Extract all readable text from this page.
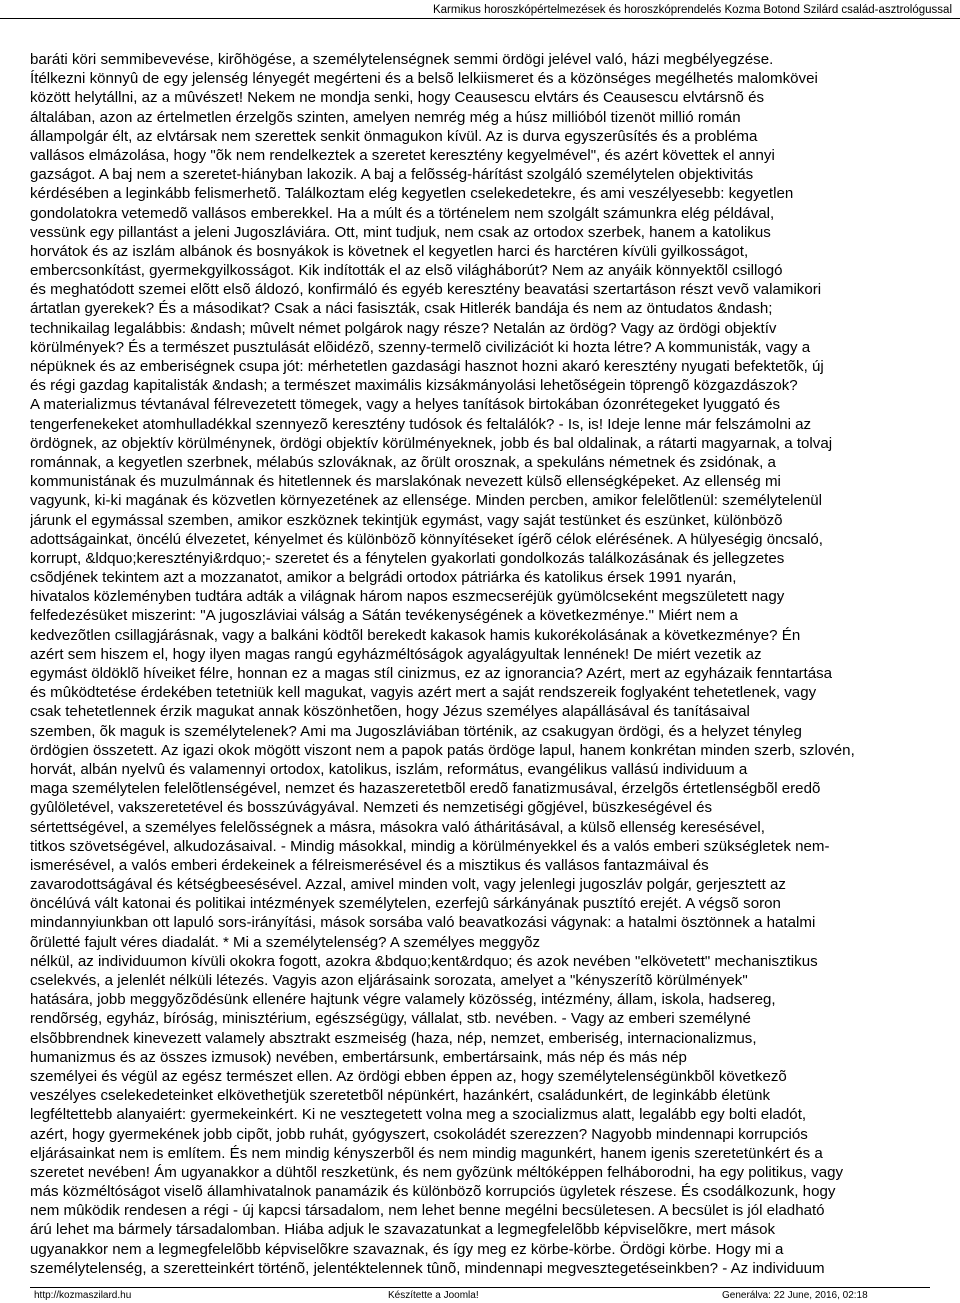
Karmikus horoszkópértelmezések és horoszkóprendelés Kozma Botond Szilárd család-asztrológussal
baráti köri semmibevevése, kirõhögése, a személytelenségnek semmi ördögi jelével való, házi megbélyegzése.
Ítélkezni könnyû de egy jelenség lényegét megérteni és a belsõ lelkiismeret és a közönséges megélhetés malomkövei
között helytállni, az a mûvészet! Nekem ne mondja senki, hogy Ceausescu elvtárs és Ceausescu elvtársnõ és
általában, azon az értelmetlen érzelgõs szinten, amelyen nemrég még a húsz millióból tizenöt millió román
állampolgár élt, az elvtársak nem szerettek senkit önmagukon kívül. Az is durva egyszerûsítés és a probléma
vallásos elmázolása, hogy "õk nem rendelkeztek a szeretet keresztény kegyelmével", és azért követtek el annyi
gazságot. A baj nem a szeretet-hiányban lakozik. A baj a felõsség-hárítást szolgáló személytelen objektivitás
kérdésében a leginkább felismerhetõ. Találkoztam elég kegyetlen cselekedetekre, és ami veszélyesebb: kegyetlen
gondolatokra vetemedõ vallásos emberekkel. Ha a múlt és a történelem nem szolgált számunkra elég példával,
vessünk egy pillantást a jeleni Jugoszláviára. Ott, mint tudjuk, nem csak az ortodox szerbek, hanem a katolikus
horvátok és az iszlám albánok és bosnyákok is követnek el kegyetlen harci és harctéren kívüli gyilkosságot,
embercsonkítást, gyermekgyilkosságot. Kik indították el az elsõ világháborút? Nem az anyáik könnyektõl csillogó
és meghatódott szemei elõtt elsõ áldozó, konfirmáló és egyéb keresztény beavatási szertartáson részt vevõ valamikori
ártatlan gyerekek? És a másodikat? Csak a náci fasiszták, csak Hitlerék bandája és nem az öntudatos &ndash;
technikailag legalábbis: &ndash; mûvelt német polgárok nagy része? Netalán az ördög? Vagy az ördögi objektív
körülmények? És a természet pusztulását elõidézõ, szenny-termelõ civilizációt ki hozta létre? A kommunisták, vagy a
népüknek és az emberiségnek csupa jót: mérhetetlen gazdasági hasznot hozni akaró keresztény nyugati befektetõk, új
és régi gazdag kapitalisták &ndash; a természet maximális kizsákmányolási lehetõségein töprengõ közgazdászok?
A materializmus tévtanával félrevezetett tömegek, vagy a helyes tanítások birtokában ózonrétegeket lyuggató és
tengerfenekeket atomhulladékkal szennyezõ keresztény tudósok és feltalálók? - Is, is! Ideje lenne már felszámolni az
ördögnek, az objektív körülménynek, ördögi objektív körülményeknek, jobb és bal oldalinak, a rátarti magyarnak, a tolvaj
románnak, a kegyetlen szerbnek, mélabús szlováknak, az õrült orosznak, a spekuláns németnek és zsidónak, a
kommunistának és muzulmánnak és hitetlennek és marslakónak nevezett külsõ ellenségképeket. Az ellenség mi
vagyunk, ki-ki magának és közvetlen környezetének az ellensége. Minden percben, amikor felelõtlenül: személytelenül
járunk el egymással szemben, amikor eszköznek tekintjük egymást, vagy saját testünket és eszünket, különbözõ
adottságainkat, öncélú élvezetet, kényelmet és különbözõ könnyítéseket ígérõ célok elérésének. A hülyeségig öncsaló,
korrupt, &ldquo;keresztényi&rdquo;- szeretet és a fénytelen gyakorlati gondolkozás találkozásának és jellegzetes
csõdjének tekintem azt a mozzanatot, amikor a belgrádi ortodox pátriárka és katolikus érsek 1991 nyarán,
hivatalos közleményben tudtára adták a világnak három napos eszmecseréjük gyümölcseként megszületett nagy
felfedezésüket miszerint: "A jugoszláviai válság a Sátán tevékenységének a következménye." Miért nem a
kedvezõtlen csillagjárásnak, vagy a balkáni ködtõl berekedt kakasok hamis kukorékolásának a következménye? Én
azért sem hiszem el, hogy ilyen magas rangú egyházméltóságok agyalágyultak lennének! De miért vezetik az
egymást öldöklõ híveiket félre, honnan ez a magas stíl cinizmus, ez az ignorancia? Azért, mert az egyházaik fenntartása
és mûködtetése érdekében tetetniük kell magukat, vagyis azért mert a saját rendszereik foglyaként tehetetlenek, vagy
csak tehetetlennek érzik magukat annak köszönhetõen, hogy Jézus személyes alapállásával és tanításaival
szemben, õk maguk is személytelenek? Ami ma Jugoszláviában történik, az csakugyan ördögi, és a helyzet tényleg
ördögien összetett. Az igazi okok mögött viszont nem a papok patás ördöge lapul, hanem konkrétan minden szerb, szlovén,
horvát, albán nyelvû és valamennyi ortodox, katolikus, iszlám, református, evangélikus vallású individuum a
maga személytelen felelõtlenségével, nemzet és hazaszeretetbõl eredõ fanatizmusával, érzelgõs értetlenségbõl eredõ
gyûlöletével, vakszeretetével és bosszúvágyával. Nemzeti és nemzetiségi gõgjével, büszkeségével és
sértettségével, a személyes felelõsségnek a másra, másokra való átháritásával, a külsõ ellenség keresésével,
titkos szövetségével, alkudozásaival. - Mindig másokkal, mindig a körülményekkel és a valós emberi szükségletek nem-
ismerésével, a valós emberi érdekeinek a félreismerésével és a misztikus és vallásos fantazmáival és
zavarodottságával és kétségbeesésével. Azzal, amivel minden volt, vagy jelenlegi jugoszláv polgár, gerjesztett az
öncélúvá vált katonai és politikai intézmények személytelen, ezerfejû sárkányának pusztító erejét. A végsõ soron
mindannyiunkban ott lapuló sors-irányítási, mások sorsába való beavatkozási vágynak: a hatalmi ösztönnek a hatalmi
õrületté fajult véres diadalát. * Mi a személytelenség? A személyes meggyõz
nélkül, az individuumon kívüli okokra fogott, azokra &bdquo;kent&rdquo; és azok nevében "elkövetett" mechanisztikus
cselekvés, a jelenlét nélküli létezés. Vagyis azon eljárásaink sorozata, amelyet a "kényszerítõ körülmények"
hatására, jobb meggyõzõdésünk ellenére hajtunk végre valamely közösség, intézmény, állam, iskola, hadsereg,
rendõrség, egyház, bíróság, minisztérium, egészségügy, vállalat, stb. nevében. - Vagy az emberi személyné
elsõbbrendnek kinevezett valamely absztrakt eszmeiség (haza, nép, nemzet, emberiség, internacionalizmus,
humanizmus és az összes izmusok) nevében, embertársunk, embertársaink, más nép és más nép
személyei és végül az egész természet ellen. Az ördögi ebben éppen az, hogy személytelenségünkbõl következõ
veszélyes cselekedeteinket elkövethetjük szeretetbõl népünkért, hazánkért, családunkért, de leginkább életünk
legféltettebb alanyaiért: gyermekeinkért. Ki ne vesztegetett volna meg a szocializmus alatt, legalább egy bolti eladót,
azért, hogy gyermekének jobb cipõt, jobb ruhát, gyógyszert, csokoládét szerezzen? Nagyobb mindennapi korrupciós
eljárásainkat nem is említem. És nem mindig kényszerbõl és nem mindig magunkért, hanem igenis szeretetünkért és a
szeretet nevében! Ám ugyanakkor a dühtõl reszketünk, és nem gyõzünk méltóképpen felháborodni, ha egy politikus, vagy
más közméltóságot viselõ államhivatalnok panamázik és különbözõ korrupciós ügyletek részese. És csodálkozunk, hogy
nem mûködik rendesen a régi - új kapcsi társadalom, nem lehet benne megélni becsületesen. A becsület is jól eladható
árú lehet ma bármely társadalomban. Hiába adjuk le szavazatunkat a legmegfelelõbb képviselõkre, mert mások
ugyanakkor nem a legmegfelelõbb képviselõkre szavaznak, és így meg ez körbe-körbe. Ördögi körbe. Hogy mi a
személytelenség, a szeretteinkért történõ, jelentéktelennek tûnõ, mindennapi megvesztegetéseinkben? - Az individuum
http://kozmaszilard.hu	Készítette a Joomla!	Generálva: 22 June, 2016, 02:18
